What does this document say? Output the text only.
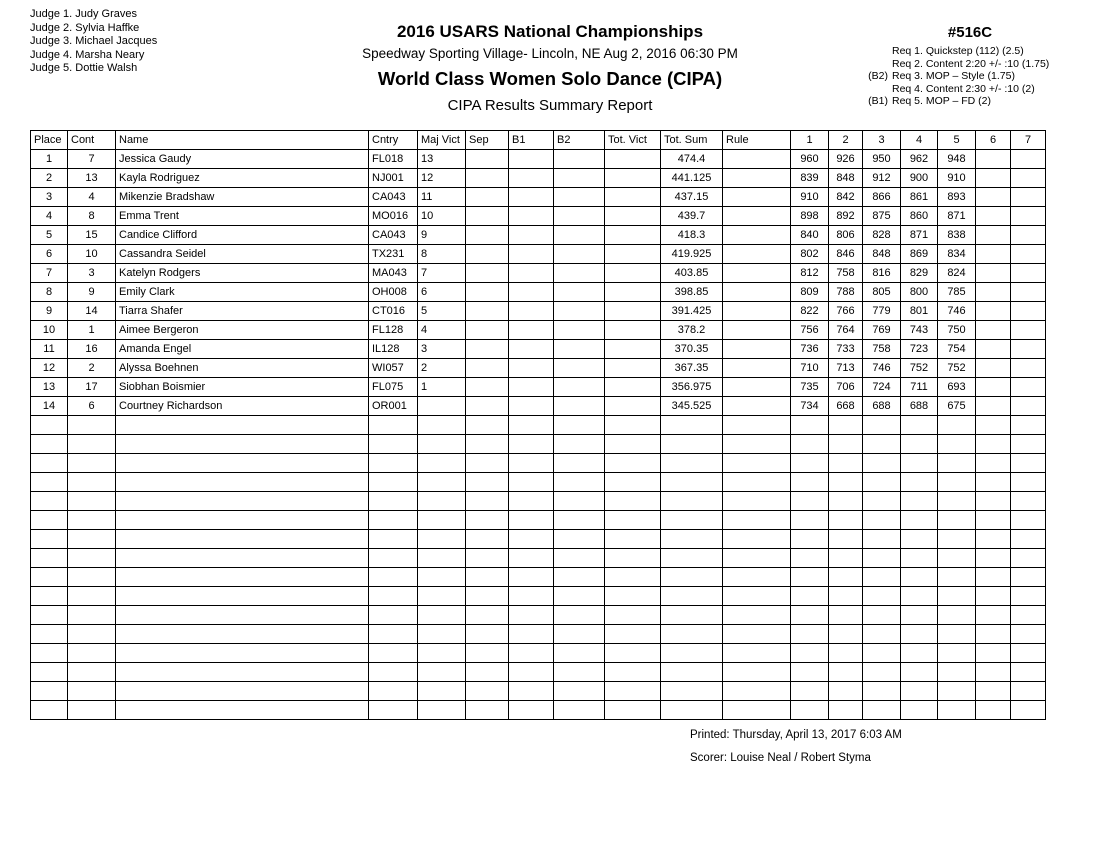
Judge 1. Judy Graves
Judge 2. Sylvia Haffke
Judge 3. Michael Jacques
Judge 4. Marsha Neary
Judge 5. Dottie Walsh
2016 USARS National Championships
Speedway Sporting Village- Lincoln, NE Aug 2, 2016 06:30 PM
World Class Women Solo Dance (CIPA)
CIPA Results Summary Report
#516C
Req 1. Quickstep (112) (2.5)
Req 2. Content 2:20 +/- :10 (1.75)
(B2) Req 3. MOP – Style (1.75)
Req 4. Content 2:30 +/- :10 (2)
(B1) Req 5. MOP – FD (2)
Place	Cont	Name	Cntry	Maj Vict	Sep	B1	B2	Tot. Vict	Tot. Sum	Rule	1	2	3	4	5	6	7
1	7	Jessica Gaudy	FL018	13					474.4		960	926	950	962	948		
2	13	Kayla Rodriguez	NJ001	12					441.125		839	848	912	900	910		
3	4	Mikenzie Bradshaw	CA043	11					437.15		910	842	866	861	893		
4	8	Emma Trent	MO016	10					439.7		898	892	875	860	871		
5	15	Candice Clifford	CA043	9					418.3		840	806	828	871	838		
6	10	Cassandra Seidel	TX231	8					419.925		802	846	848	869	834		
7	3	Katelyn Rodgers	MA043	7					403.85		812	758	816	829	824		
8	9	Emily Clark	OH008	6					398.85		809	788	805	800	785		
9	14	Tiarra Shafer	CT016	5					391.425		822	766	779	801	746		
10	1	Aimee Bergeron	FL128	4					378.2		756	764	769	743	750		
11	16	Amanda Engel	IL128	3					370.35		736	733	758	723	754		
12	2	Alyssa Boehnen	WI057	2					367.35		710	713	746	752	752		
13	17	Siobhan Boismier	FL075	1					356.975		735	706	724	711	693		
14	6	Courtney Richardson	OR001						345.525		734	668	688	688	675		

Printed: Thursday, April 13, 2017 6:03 AM
Scorer: Louise Neal / Robert Styma
